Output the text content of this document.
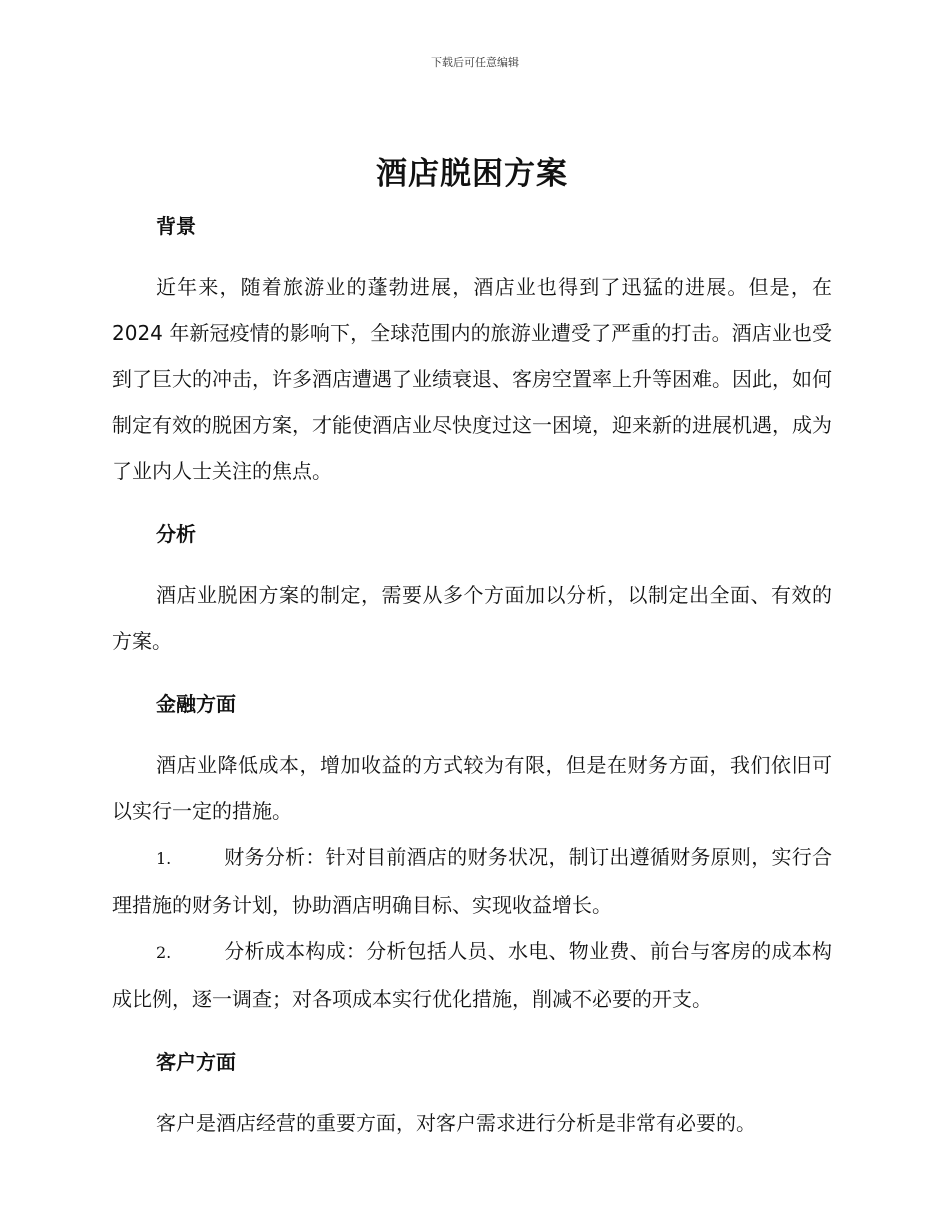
下载后可任意编辑
酒店脱困方案
背景

近年来，随着旅游业的蓬勃进展，酒店业也得到了迅猛的进展。但是，在 2024 年新冠疫情的影响下，全球范围内的旅游业遭受了严重的打击。酒店业也受到了巨大的冲击，许多酒店遭遇了业绩衰退、客房空置率上升等困难。因此，如何制定有效的脱困方案，才能使酒店业尽快度过这一困境，迎来新的进展机遇，成为了业内人士关注的焦点。

分析

酒店业脱困方案的制定，需要从多个方面加以分析，以制定出全面、有效的方案。

金融方面

酒店业降低成本，增加收益的方式较为有限，但是在财务方面，我们依旧可以实行一定的措施。

1.	财务分析：针对目前酒店的财务状况，制订出遵循财务原则，实行合理措施的财务计划，协助酒店明确目标、实现收益增长。
2.	分析成本构成：分析包括人员、水电、物业费、前台与客房的成本构成比例，逐一调查；对各项成本实行优化措施，削减不必要的开支。
客户方面

客户是酒店经营的重要方面，对客户需求进行分析是非常有必要的。
